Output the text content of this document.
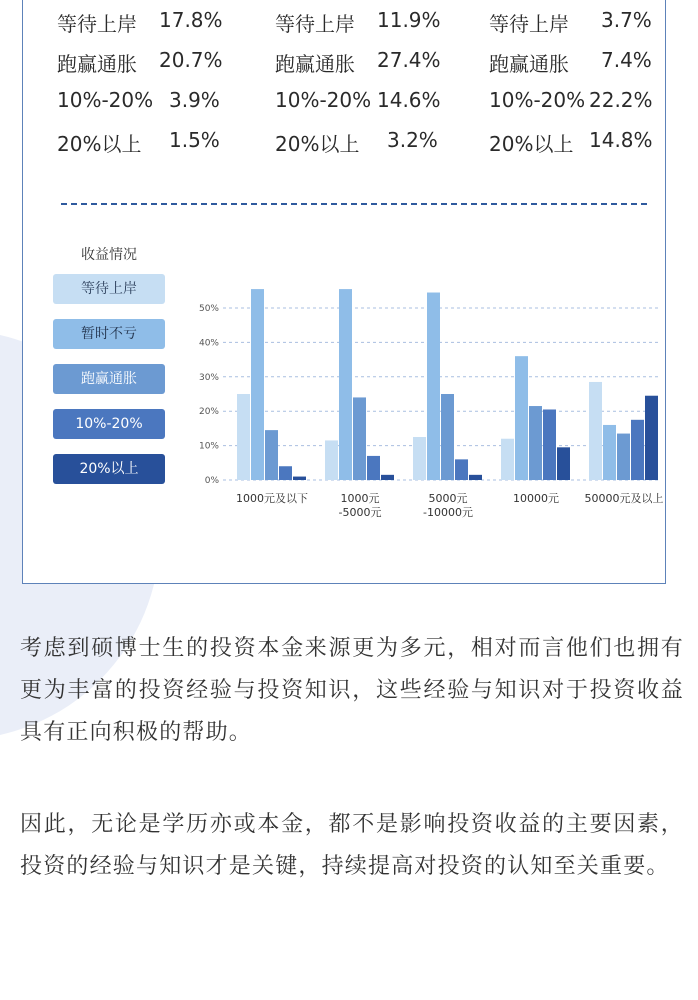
等待上岸 17.8%
跑赢通胀 20.7%
10%-20% 3.9%
20%以上 1.5%
等待上岸 11.9%
跑赢通胀 27.4%
10%-20% 14.6%
20%以上 3.2%
等待上岸 3.7%
跑赢通胀 7.4%
10%-20% 22.2%
20%以上 14.8%
收益情况
等待上岸
暂时不亏
跑赢通胀
10%-20%
20%以上
0%
10%
20%
30%
40%
50%
1000元及以下	1000元
-5000元
5000元
-10000元
10000元 50000元及以上

考虑到硕博士生的投资本金来源更为多元，相对而言他们也拥有更为丰富的投资经验与投资知识，这些经验与知识对于投资收益具有正向积极的帮助。

因此，无论是学历亦或本金，都不是影响投资收益的主要因素，投资的经验与知识才是关键，持续提高对投资的认知至关重要。
